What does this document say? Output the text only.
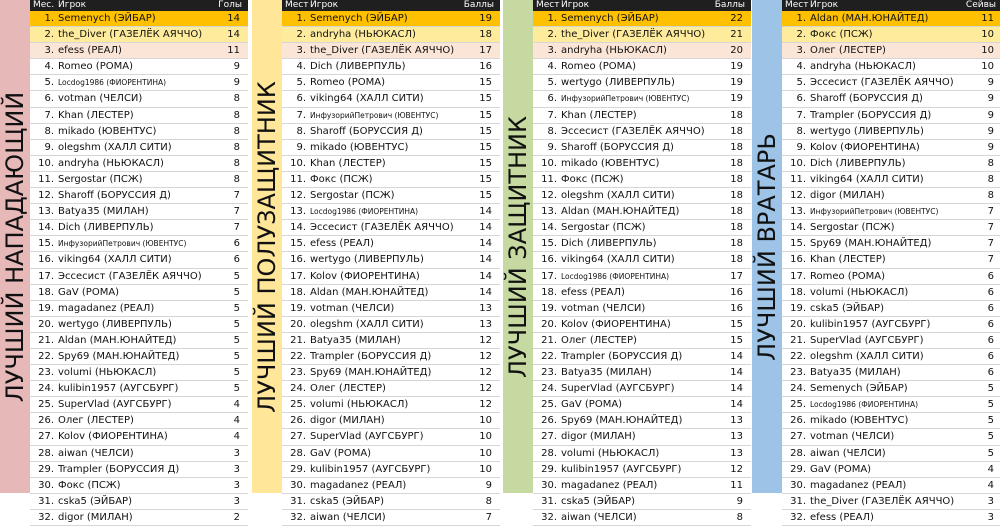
ЛУЧШИЙ НАПАДАЮЩИЙ
Мес. Игрок	Голы
1. Semenych (ЭЙБАР)	14
2. the_Diver (ГАЗЕЛЁК АЯЧЧО)	14
3. efess (РЕАЛ)	11
4. Romeo (РОМА)	9
5. Locdog1986 (ФИОРЕНТИНА)	9
6. votman (ЧЕЛСИ)	8
7. Khan (ЛЕСТЕР)	8
8. mikado (ЮВЕНТУС)	8
9. olegshm (ХАЛЛ СИТИ)	8
10. andryha (НЬЮКАСЛ)	8
11. Sergostar (ПСЖ)	8
12. Sharoff (БОРУССИЯ Д)	7
13. Batya35 (МИЛАН)	7
14. Dich (ЛИВЕРПУЛЬ)	7
15. ИнфузорийПетрович (ЮВЕНТУС)	6
16. viking64 (ХАЛЛ СИТИ)	6
17. Эссесист (ГАЗЕЛЁК АЯЧЧО)	5
18. GaV (РОМА)	5
19. magadanez (РЕАЛ)	5
20. wertygo (ЛИВЕРПУЛЬ)	5
21. Aldan (МАН.ЮНАЙТЕД)	5
22. Spy69 (МАН.ЮНАЙТЕД)	5
23. volumi (НЬЮКАСЛ)	5
24. kulibin1957 (АУГСБУРГ)	5
25. SuperVlad (АУГСБУРГ)	4
26. Олег (ЛЕСТЕР)	4
27. Kolov (ФИОРЕНТИНА)	4
28. aiwan (ЧЕЛСИ)	3
29. Trampler (БОРУССИЯ Д)	3
30. Фокс (ПСЖ)	3
31. cska5 (ЭЙБАР)	3
32. digor (МИЛАН)	2
ЛУЧШИЙ ПОЛУЗАЩИТНИК
Мест Игрок	Баллы
1. Semenych (ЭЙБАР)	19
2. andryha (НЬЮКАСЛ)	18
3. the_Diver (ГАЗЕЛЁК АЯЧЧО)	17
4. Dich (ЛИВЕРПУЛЬ)	16
5. Romeo (РОМА)	15
6. viking64 (ХАЛЛ СИТИ)	15
7. ИнфузорийПетрович (ЮВЕНТУС)	15
8. Sharoff (БОРУССИЯ Д)	15
9. mikado (ЮВЕНТУС)	15
10. Khan (ЛЕСТЕР)	15
11. Фокс (ПСЖ)	15
12. Sergostar (ПСЖ)	15
13. Locdog1986 (ФИОРЕНТИНА)	14
14. Эссесист (ГАЗЕЛЁК АЯЧЧО)	14
15. efess (РЕАЛ)	14
16. wertygo (ЛИВЕРПУЛЬ)	14
17. Kolov (ФИОРЕНТИНА)	14
18. Aldan (МАН.ЮНАЙТЕД)	14
19. votman (ЧЕЛСИ)	13
20. olegshm (ХАЛЛ СИТИ)	13
21. Batya35 (МИЛАН)	12
22. Trampler (БОРУССИЯ Д)	12
23. Spy69 (МАН.ЮНАЙТЕД)	12
24. Олег (ЛЕСТЕР)	12
25. volumi (НЬЮКАСЛ)	12
26. digor (МИЛАН)	10
27. SuperVlad (АУГСБУРГ)	10
28. GaV (РОМА)	10
29. kulibin1957 (АУГСБУРГ)	10
30. magadanez (РЕАЛ)	9
31. cska5 (ЭЙБАР)	8
32. aiwan (ЧЕЛСИ)	7
ЛУЧШИЙ ЗАЩИТНИК
Мест Игрок	Баллы
1. Semenych (ЭЙБАР)	22
2. the_Diver (ГАЗЕЛЁК АЯЧЧО)	21
3. andryha (НЬЮКАСЛ)	20
4. Romeo (РОМА)	19
5. wertygo (ЛИВЕРПУЛЬ)	19
6. ИнфузорийПетрович (ЮВЕНТУС)	19
7. Khan (ЛЕСТЕР)	18
8. Эссесист (ГАЗЕЛЁК АЯЧЧО)	18
9. Sharoff (БОРУССИЯ Д)	18
10. mikado (ЮВЕНТУС)	18
11. Фокс (ПСЖ)	18
12. olegshm (ХАЛЛ СИТИ)	18
13. Aldan (МАН.ЮНАЙТЕД)	18
14. Sergostar (ПСЖ)	18
15. Dich (ЛИВЕРПУЛЬ)	18
16. viking64 (ХАЛЛ СИТИ)	18
17. Locdog1986 (ФИОРЕНТИНА)	17
18. efess (РЕАЛ)	16
19. votman (ЧЕЛСИ)	16
20. Kolov (ФИОРЕНТИНА)	15
21. Олег (ЛЕСТЕР)	15
22. Trampler (БОРУССИЯ Д)	14
23. Batya35 (МИЛАН)	14
24. SuperVlad (АУГСБУРГ)	14
25. GaV (РОМА)	14
26. Spy69 (МАН.ЮНАЙТЕД)	13
27. digor (МИЛАН)	13
28. volumi (НЬЮКАСЛ)	13
29. kulibin1957 (АУГСБУРГ)	12
30. magadanez (РЕАЛ)	11
31. cska5 (ЭЙБАР)	9
32. aiwan (ЧЕЛСИ)	8
ЛУЧШИЙ ВРАТАРЬ
Мест Игрок	Сейвы
1. Aldan (МАН.ЮНАЙТЕД)	11
2. Фокс (ПСЖ)	10
3. Олег (ЛЕСТЕР)	10
4. andryha (НЬЮКАСЛ)	10
5. Эссесист (ГАЗЕЛЁК АЯЧЧО)	9
6. Sharoff (БОРУССИЯ Д)	9
7. Trampler (БОРУССИЯ Д)	9
8. wertygo (ЛИВЕРПУЛЬ)	9
9. Kolov (ФИОРЕНТИНА)	9
10. Dich (ЛИВЕРПУЛЬ)	8
11. viking64 (ХАЛЛ СИТИ)	8
12. digor (МИЛАН)	8
13. ИнфузорийПетрович (ЮВЕНТУС)	7
14. Sergostar (ПСЖ)	7
15. Spy69 (МАН.ЮНАЙТЕД)	7
16. Khan (ЛЕСТЕР)	7
17. Romeo (РОМА)	6
18. volumi (НЬЮКАСЛ)	6
19. cska5 (ЭЙБАР)	6
20. kulibin1957 (АУГСБУРГ)	6
21. SuperVlad (АУГСБУРГ)	6
22. olegshm (ХАЛЛ СИТИ)	6
23. Batya35 (МИЛАН)	6
24. Semenych (ЭЙБАР)	5
25. Locdog1986 (ФИОРЕНТИНА)	5
26. mikado (ЮВЕНТУС)	5
27. votman (ЧЕЛСИ)	5
28. aiwan (ЧЕЛСИ)	5
29. GaV (РОМА)	4
30. magadanez (РЕАЛ)	4
31. the_Diver (ГАЗЕЛЁК АЯЧЧО)	3
32. efess (РЕАЛ)	3
